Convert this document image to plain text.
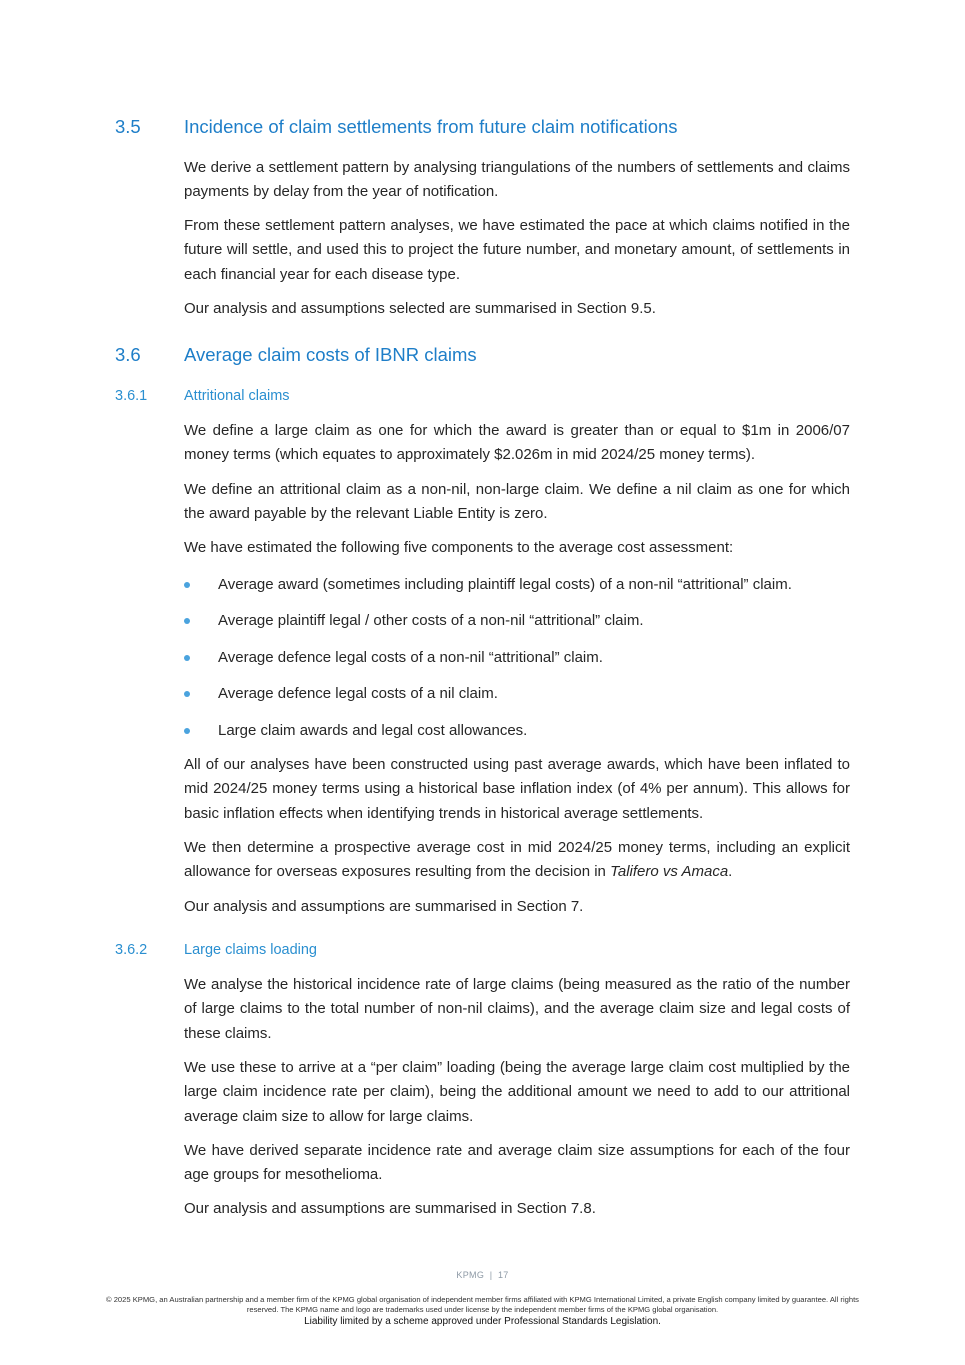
3.5 Incidence of claim settlements from future claim notifications

We derive a settlement pattern by analysing triangulations of the numbers of settlements and claims payments by delay from the year of notification.

From these settlement pattern analyses, we have estimated the pace at which claims notified in the future will settle, and used this to project the future number, and monetary amount, of settlements in each financial year for each disease type.

Our analysis and assumptions selected are summarised in Section 9.5.

3.6 Average claim costs of IBNR claims
3.6.1	Attritional claims

We define a large claim as one for which the award is greater than or equal to $1m in 2006/07 money terms (which equates to approximately $2.026m in mid 2024/25 money terms).

We define an attritional claim as a non-nil, non-large claim. We define a nil claim as one for which the award payable by the relevant Liable Entity is zero.

We have estimated the following five components to the average cost assessment:

Average award (sometimes including plaintiff legal costs) of a non-nil “attritional” claim.
Average plaintiff legal / other costs of a non-nil “attritional” claim.
Average defence legal costs of a non-nil “attritional” claim.
Average defence legal costs of a nil claim.
Large claim awards and legal cost allowances.

All of our analyses have been constructed using past average awards, which have been inflated to mid 2024/25 money terms using a historical base inflation index (of 4% per annum). This allows for basic inflation effects when identifying trends in historical average settlements.

We then determine a prospective average cost in mid 2024/25 money terms, including an explicit allowance for overseas exposures resulting from the decision in Talifero vs Amaca.

Our analysis and assumptions are summarised in Section 7.

3.6.2	Large claims loading

We analyse the historical incidence rate of large claims (being measured as the ratio of the number of large claims to the total number of non-nil claims), and the average claim size and legal costs of these claims.

We use these to arrive at a “per claim” loading (being the average large claim cost multiplied by the large claim incidence rate per claim), being the additional amount we need to add to our attritional average claim size to allow for large claims.

We have derived separate incidence rate and average claim size assumptions for each of the four age groups for mesothelioma.

Our analysis and assumptions are summarised in Section 7.8.

KPMG  |  17
© 2025 KPMG, an Australian partnership and a member firm of the KPMG global organisation of independent member firms affiliated with KPMG International Limited, a private English company limited by guarantee. All rights reserved. The KPMG name and logo are trademarks used under license by the independent member firms of the KPMG global organisation.
Liability limited by a scheme approved under Professional Standards Legislation.
